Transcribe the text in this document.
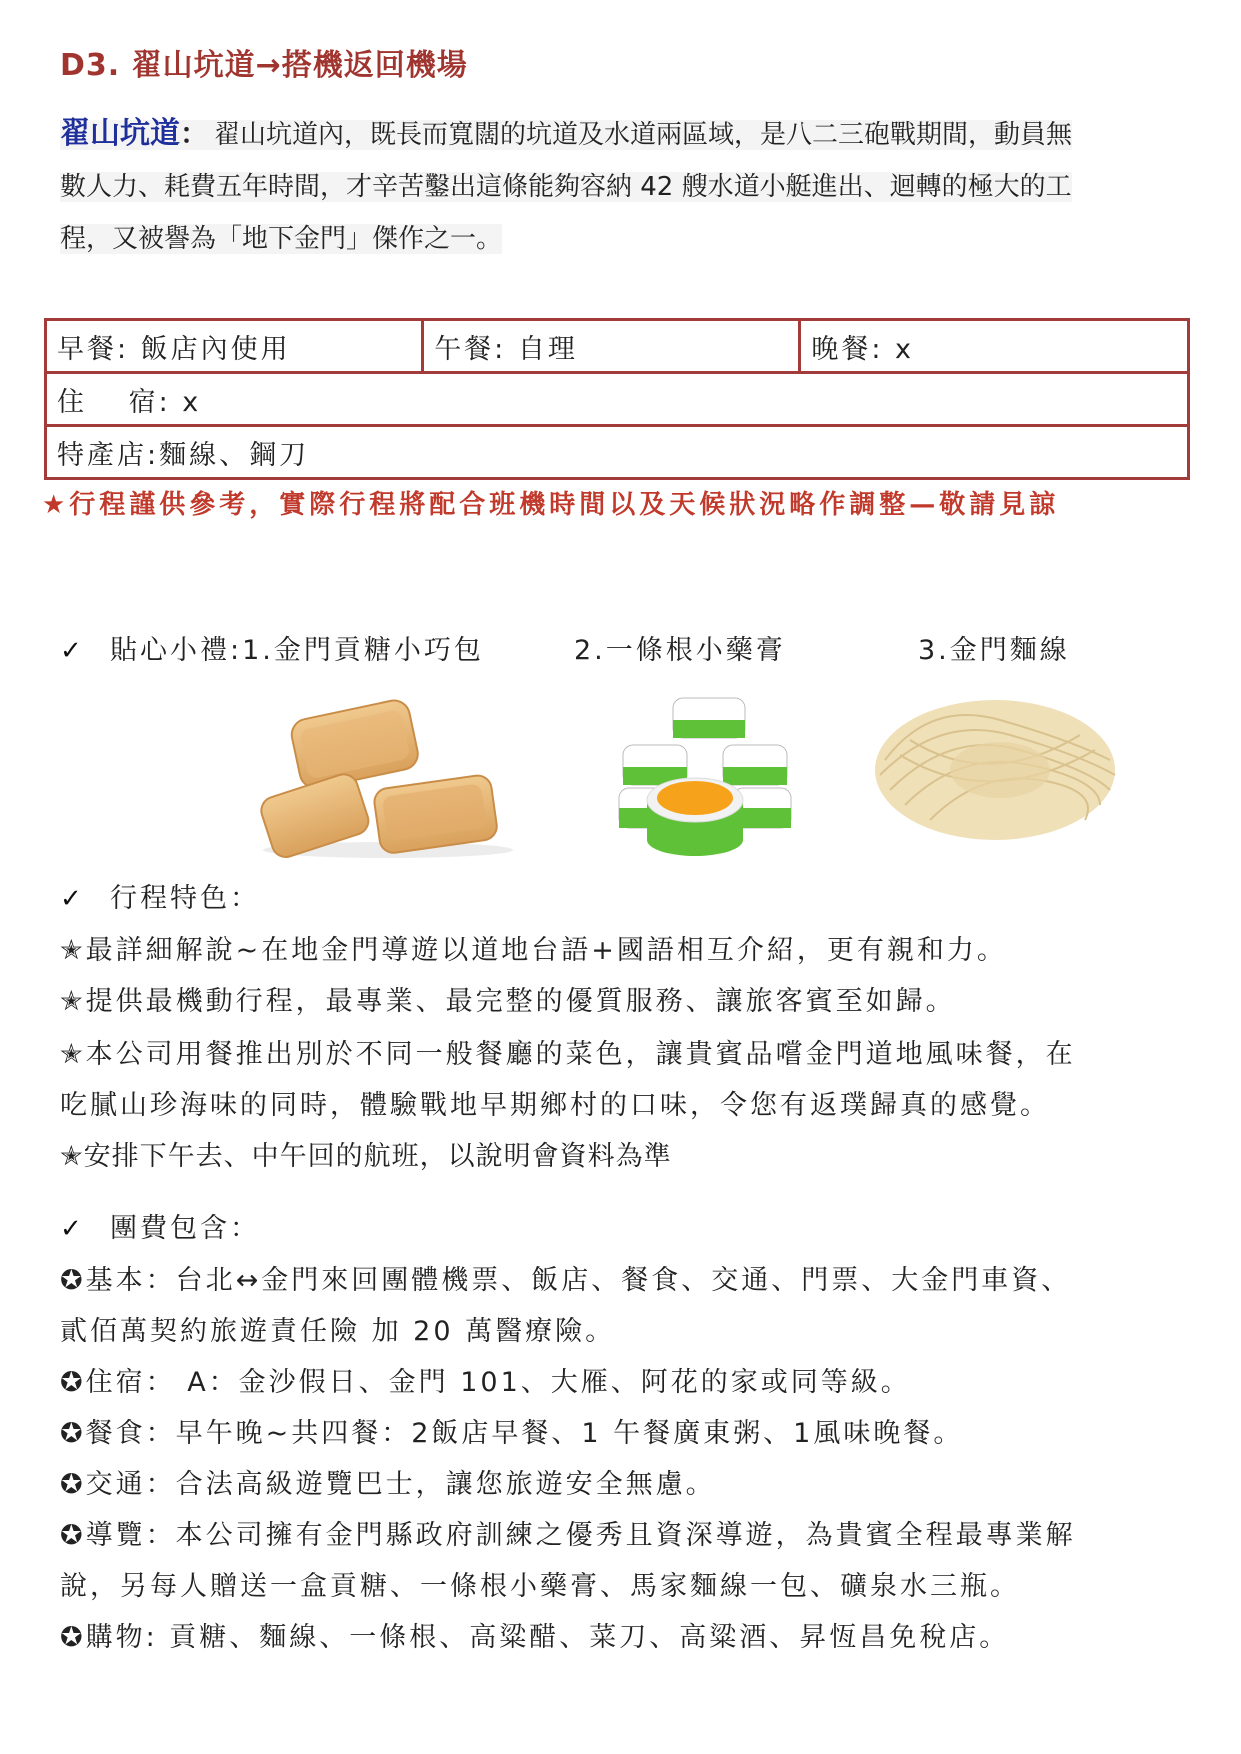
D3. 翟山坑道→搭機返回機場
翟山坑道： 翟山坑道內，既長而寬闊的坑道及水道兩區域，是八二三砲戰期間，動員無
數人力、耗費五年時間，才辛苦鑿出這條能夠容納 42 艘水道小艇進出、迴轉的極大的工
程，又被譽為「地下金門」傑作之一。
早餐: 飯店內使用	午餐: 自理	晚餐: x
住　 宿: x
特產店:麵線、鋼刀
★行程謹供參考，實際行程將配合班機時間以及天候狀況略作調整—敬請見諒
✓ 貼心小禮:1.金門貢糖小巧包	2.一條根小藥膏	3.金門麵線
✓ 行程特色：
✭最詳細解說~在地金門導遊以道地台語+國語相互介紹，更有親和力。
✭提供最機動行程，最專業、最完整的優質服務、讓旅客賓至如歸。
✭本公司用餐推出別於不同一般餐廳的菜色，讓貴賓品嚐金門道地風味餐，在
吃膩山珍海味的同時，體驗戰地早期鄉村的口味，令您有返璞歸真的感覺。
✭安排下午去、中午回的航班，以說明會資料為準
✓ 團費包含：
✪基本：台北↔金門來回團體機票、飯店、餐食、交通、門票、大金門車資、
貳佰萬契約旅遊責任險 加 20 萬醫療險。
✪住宿： A：金沙假日、金門 101、大雁、阿花的家或同等級。
✪餐食：早午晚~共四餐：2飯店早餐、1 午餐廣東粥、1風味晚餐。
✪交通：合法高級遊覽巴士，讓您旅遊安全無慮。
✪導覽：本公司擁有金門縣政府訓練之優秀且資深導遊，為貴賓全程最專業解
說，另每人贈送一盒貢糖、一條根小藥膏、馬家麵線一包、礦泉水三瓶。
✪購物: 貢糖、麵線、一條根、高粱醋、菜刀、高粱酒、昇恆昌免稅店。
